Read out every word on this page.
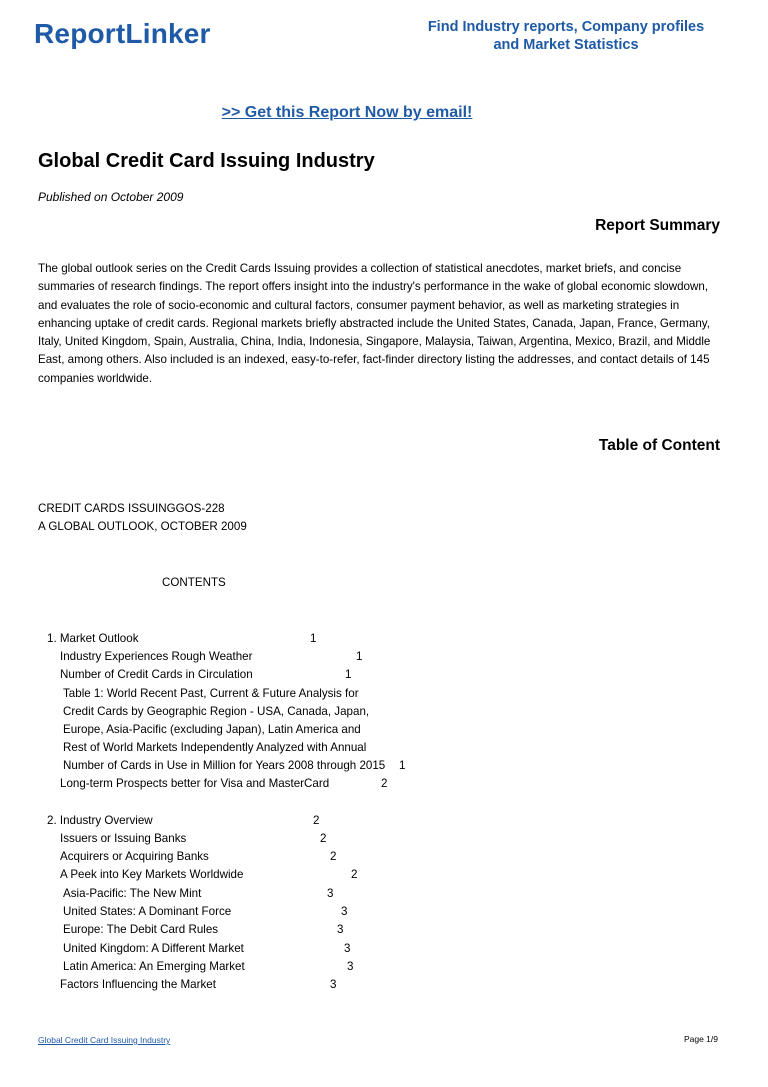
ReportLinker	Find Industry reports, Company profiles
and Market Statistics
>> Get this Report Now by email!
Global Credit Card Issuing Industry
Published on October 2009
Report Summary

The global outlook series on the Credit Cards Issuing provides a collection of statistical anecdotes, market briefs, and concise summaries of research findings. The report offers insight into the industry's performance in the wake of global economic slowdown, and evaluates the role of socio-economic and cultural factors, consumer payment behavior, as well as marketing strategies in enhancing uptake of credit cards. Regional markets briefly abstracted include the United States, Canada, Japan, France, Germany, Italy, United Kingdom, Spain, Australia, China, India, Indonesia, Singapore, Malaysia, Taiwan, Argentina, Mexico, Brazil, and Middle East, among others. Also included is an indexed, easy-to-refer, fact-finder directory listing the addresses, and contact details of 145 companies worldwide.

Table of Content
CREDIT CARDS ISSUINGGOS-228
A GLOBAL OUTLOOK, OCTOBER 2009
CONTENTS
1. Market Outlook	1
Industry Experiences Rough Weather	1
Number of Credit Cards in Circulation	1
Table 1: World Recent Past, Current & Future Analysis for
Credit Cards by Geographic Region - USA, Canada, Japan,
Europe, Asia-Pacific (excluding Japan), Latin America and
Rest of World Markets Independently Analyzed with Annual
Number of Cards in Use in Million for Years 2008 through 2015 1
Long-term Prospects better for Visa and MasterCard	2
2. Industry Overview	2
Issuers or Issuing Banks	2
Acquirers or Acquiring Banks	2
A Peek into Key Markets Worldwide	2
Asia-Pacific: The New Mint	3
United States: A Dominant Force	3
Europe: The Debit Card Rules	3
United Kingdom: A Different Market	3
Latin America: An Emerging Market	3
Factors Influencing the Market	3
Global Credit Card Issuing Industry	Page 1/9
